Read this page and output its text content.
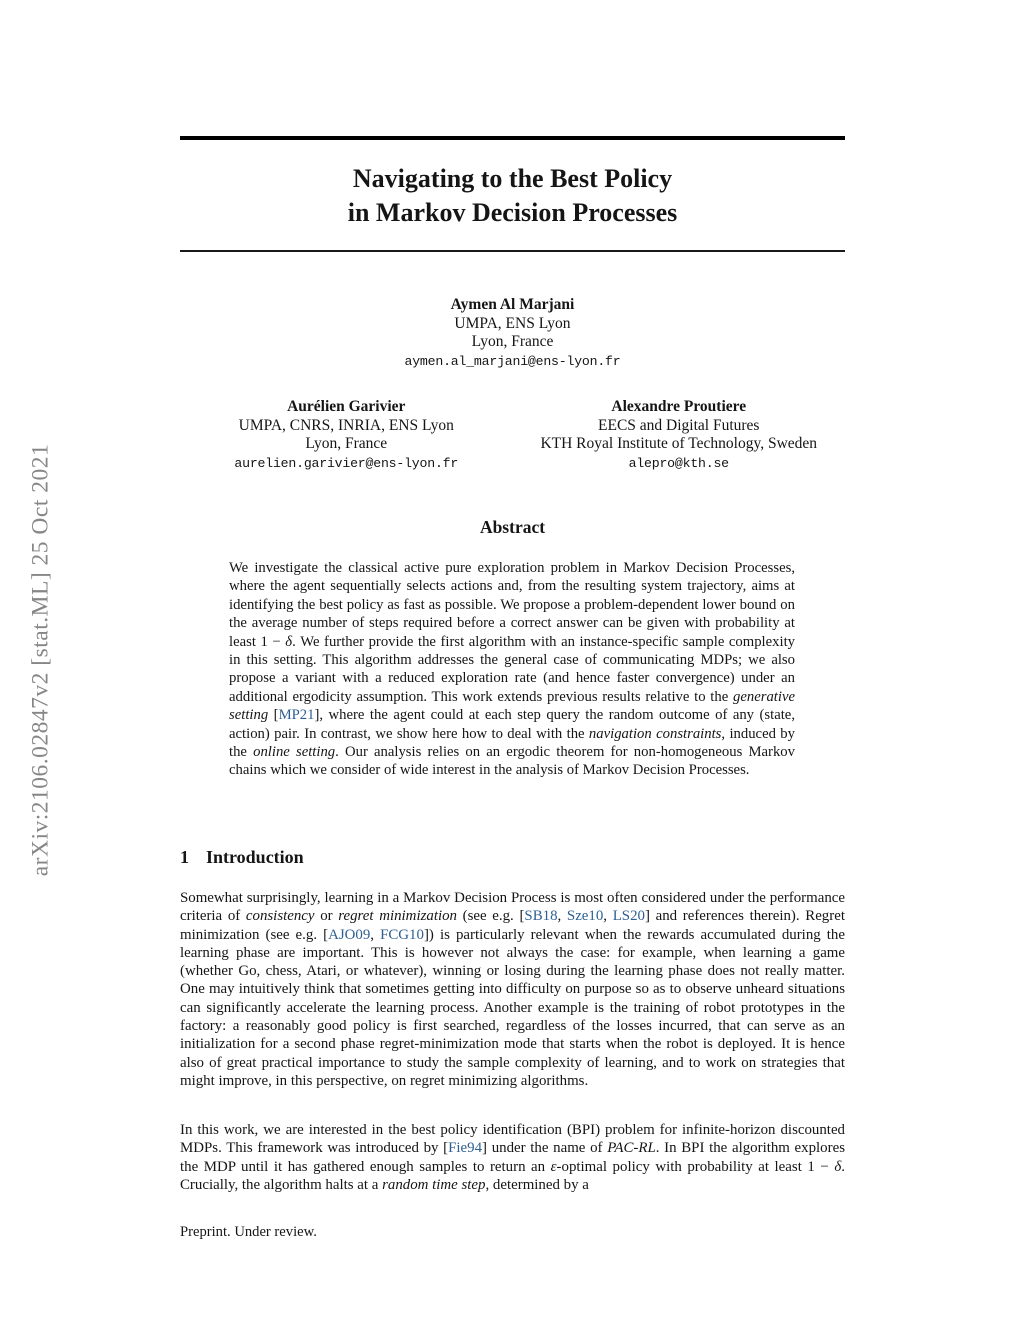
arXiv:2106.02847v2 [stat.ML] 25 Oct 2021
Navigating to the Best Policy
in Markov Decision Processes
Aymen Al Marjani
UMPA, ENS Lyon
Lyon, France
aymen.al_marjani@ens-lyon.fr
Aurélien Garivier
UMPA, CNRS, INRIA, ENS Lyon
Lyon, France
aurelien.garivier@ens-lyon.fr
Alexandre Proutiere
EECS and Digital Futures
KTH Royal Institute of Technology, Sweden
alepro@kth.se
Abstract
We investigate the classical active pure exploration problem in Markov Decision Processes, where the agent sequentially selects actions and, from the resulting system trajectory, aims at identifying the best policy as fast as possible. We propose a problem-dependent lower bound on the average number of steps required before a correct answer can be given with probability at least 1 − δ. We further provide the first algorithm with an instance-specific sample complexity in this setting. This algorithm addresses the general case of communicating MDPs; we also propose a variant with a reduced exploration rate (and hence faster convergence) under an additional ergodicity assumption. This work extends previous results relative to the generative setting [MP21], where the agent could at each step query the random outcome of any (state, action) pair. In contrast, we show here how to deal with the navigation constraints, induced by the online setting. Our analysis relies on an ergodic theorem for non-homogeneous Markov chains which we consider of wide interest in the analysis of Markov Decision Processes.
1 Introduction
Somewhat surprisingly, learning in a Markov Decision Process is most often considered under the performance criteria of consistency or regret minimization (see e.g. [SB18, Sze10, LS20] and references therein). Regret minimization (see e.g. [AJO09, FCG10]) is particularly relevant when the rewards accumulated during the learning phase are important. This is however not always the case: for example, when learning a game (whether Go, chess, Atari, or whatever), winning or losing during the learning phase does not really matter. One may intuitively think that sometimes getting into difficulty on purpose so as to observe unheard situations can significantly accelerate the learning process. Another example is the training of robot prototypes in the factory: a reasonably good policy is first searched, regardless of the losses incurred, that can serve as an initialization for a second phase regret-minimization mode that starts when the robot is deployed. It is hence also of great practical importance to study the sample complexity of learning, and to work on strategies that might improve, in this perspective, on regret minimizing algorithms.
In this work, we are interested in the best policy identification (BPI) problem for infinite-horizon discounted MDPs. This framework was introduced by [Fie94] under the name of PAC-RL. In BPI the algorithm explores the MDP until it has gathered enough samples to return an ε-optimal policy with probability at least 1 − δ. Crucially, the algorithm halts at a random time step, determined by a
Preprint. Under review.
